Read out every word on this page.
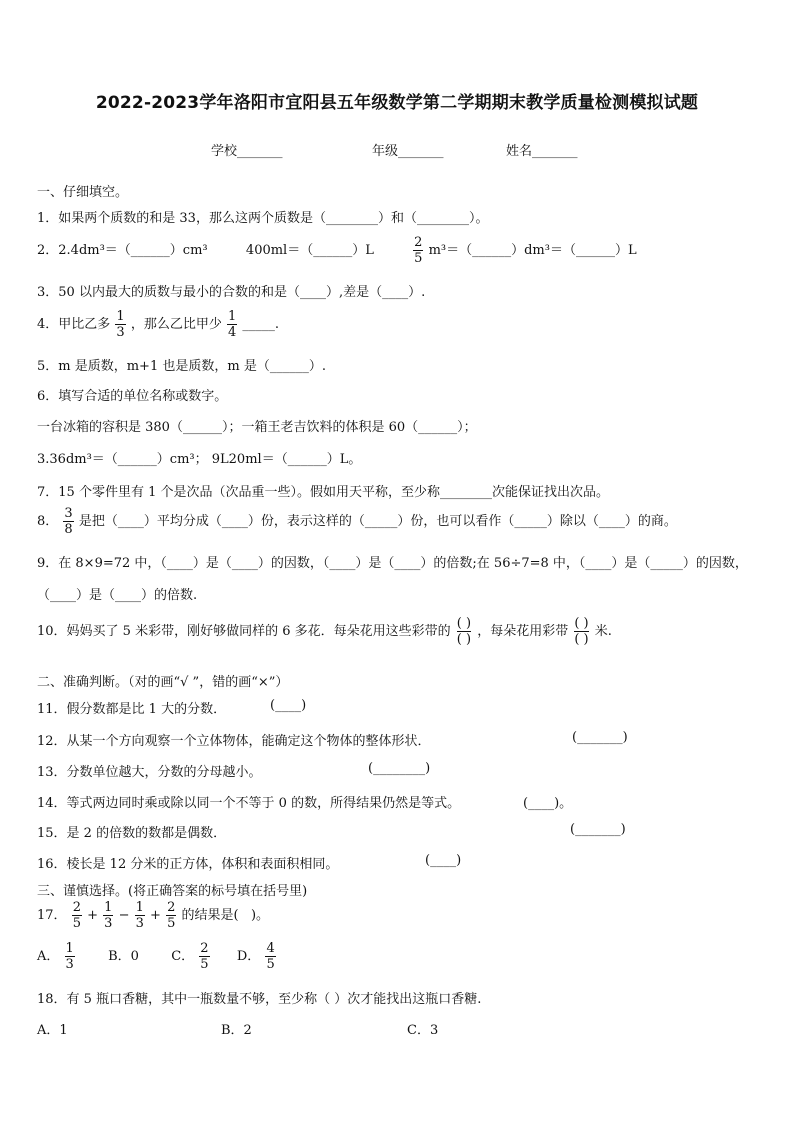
2022-2023学年洛阳市宜阳县五年级数学第二学期期末教学质量检测模拟试题
学校_______	年级_______	姓名_______
一、仔细填空。
1．如果两个质数的和是 33，那么这两个质数是（________）和（________）。
2．2.4dm³＝（______）cm³	400ml＝（______）L	$\frac{2}{5}$ m³＝（______）dm³＝（______）L
3．50 以内最大的质数与最小的合数的和是（____）,差是（____）.
4．甲比乙多 $\frac{1}{3}$ ，那么乙比甲少 $\frac{1}{4}$ _____.
5．m 是质数，m+1 也是质数，m 是（______）.
6．填写合适的单位名称或数字。
一台冰箱的容积是 380（______）；一箱王老吉饮料的体积是 60（______）；
3.36dm³＝（______）cm³； 9L20ml＝（______）L。
7．15 个零件里有 1 个是次品（次品重一些）。假如用天平称，至少称________次能保证找出次品。
8． $\frac{3}{8}$ 是把（____）平均分成（____）份，表示这样的（_____）份，也可以看作（_____）除以（____）的商。
9．在 8×9=72 中，（____）是（____）的因数，（____）是（____）的倍数;在 56÷7=8 中，（____）是（_____）的因数，
（____）是（____）的倍数.
10．妈妈买了 5 米彩带，刚好够做同样的 6 多花．每朵花用这些彩带的
( )
( )
，每朵花用彩带
( )
( )
米.
二、准确判断。（对的画“√ ”，错的画“×”）
11．假分数都是比 1 大的分数．	(____)
12．从某一个方向观察一个立体物体，能确定这个物体的整体形状．	(_______)
13．分数单位越大，分数的分母越小。	(________)
14．等式两边同时乘或除以同一个不等于 0 的数，所得结果仍然是等式。	(____)。
15．是 2 的倍数的数都是偶数．	(_______)
16．棱长是 12 分米的正方体，体积和表面积相同。	(____)
三、谨慎选择。(将正确答案的标号填在括号里)
17． $\frac{2}{5} + \frac{1}{3} - \frac{1}{3} + \frac{2}{5}$ 的结果是(   )。
A． $\frac{1}{3}$	B．0 C． $\frac{2}{5}$ D． $\frac{4}{5}$
18．有 5 瓶口香糖，其中一瓶数量不够，至少称（ ）次才能找出这瓶口香糖.
A．1	B．2	C．3
